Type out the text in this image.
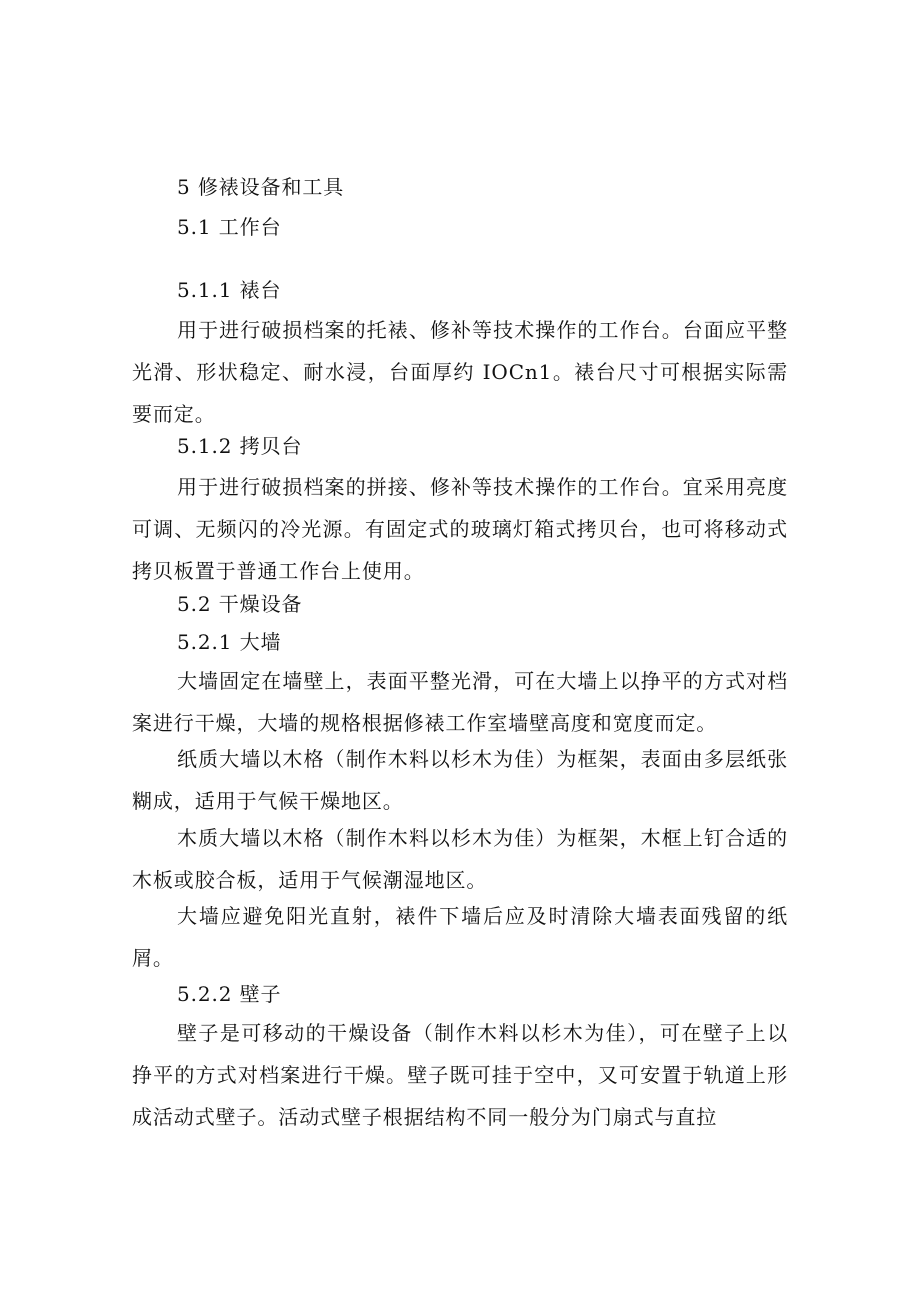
5 修裱设备和工具

5.1 工作台

5.1.1 裱台

用于进行破损档案的托裱、修补等技术操作的工作台。台面应平整光滑、形状稳定、耐水浸，台面厚约 IOCn1。裱台尺寸可根据实际需要而定。

5.1.2 拷贝台

用于进行破损档案的拼接、修补等技术操作的工作台。宜采用亮度可调、无频闪的冷光源。有固定式的玻璃灯箱式拷贝台，也可将移动式拷贝板置于普通工作台上使用。

5.2 干燥设备

5.2.1 大墙

大墙固定在墙壁上，表面平整光滑，可在大墙上以挣平的方式对档案进行干燥，大墙的规格根据修裱工作室墙壁高度和宽度而定。

纸质大墙以木格（制作木料以杉木为佳）为框架，表面由多层纸张糊成，适用于气候干燥地区。

木质大墙以木格（制作木料以杉木为佳）为框架，木框上钉合适的木板或胶合板，适用于气候潮湿地区。

大墙应避免阳光直射，裱件下墙后应及时清除大墙表面残留的纸屑。

5.2.2 壁子

壁子是可移动的干燥设备（制作木料以杉木为佳），可在壁子上以挣平的方式对档案进行干燥。壁子既可挂于空中，又可安置于轨道上形成活动式壁子。活动式壁子根据结构不同一般分为门扇式与直拉
